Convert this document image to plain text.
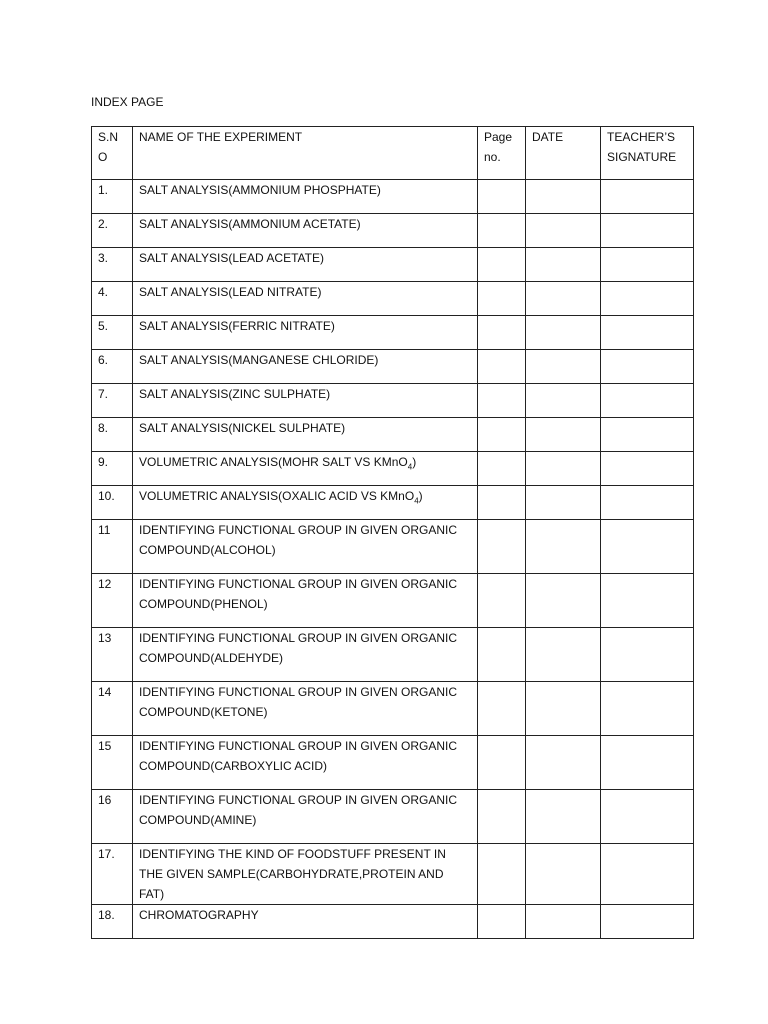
INDEX PAGE
S.N O	NAME OF THE EXPERIMENT	Page no.	DATE	TEACHER’S SIGNATURE
1.	SALT ANALYSIS(AMMONIUM PHOSPHATE)			
2.	SALT ANALYSIS(AMMONIUM ACETATE)			
3.	SALT ANALYSIS(LEAD ACETATE)			
4.	SALT ANALYSIS(LEAD NITRATE)			
5.	SALT ANALYSIS(FERRIC NITRATE)			
6.	SALT ANALYSIS(MANGANESE CHLORIDE)			
7.	SALT ANALYSIS(ZINC SULPHATE)			
8.	SALT ANALYSIS(NICKEL SULPHATE)			
9.	VOLUMETRIC ANALYSIS(MOHR SALT VS KMnO$_4$)			
10.	VOLUMETRIC ANALYSIS(OXALIC ACID VS KMnO$_4$)			
11	IDENTIFYING FUNCTIONAL GROUP IN GIVEN ORGANIC COMPOUND(ALCOHOL)			
12	IDENTIFYING FUNCTIONAL GROUP IN GIVEN ORGANIC COMPOUND(PHENOL)			
13	IDENTIFYING FUNCTIONAL GROUP IN GIVEN ORGANIC COMPOUND(ALDEHYDE)			
14	IDENTIFYING FUNCTIONAL GROUP IN GIVEN ORGANIC COMPOUND(KETONE)			
15	IDENTIFYING FUNCTIONAL GROUP IN GIVEN ORGANIC COMPOUND(CARBOXYLIC ACID)			
16	IDENTIFYING FUNCTIONAL GROUP IN GIVEN ORGANIC COMPOUND(AMINE)			
17.	IDENTIFYING THE KIND OF FOODSTUFF PRESENT IN THE GIVEN SAMPLE(CARBOHYDRATE,PROTEIN AND FAT)			
18.	CHROMATOGRAPHY			
